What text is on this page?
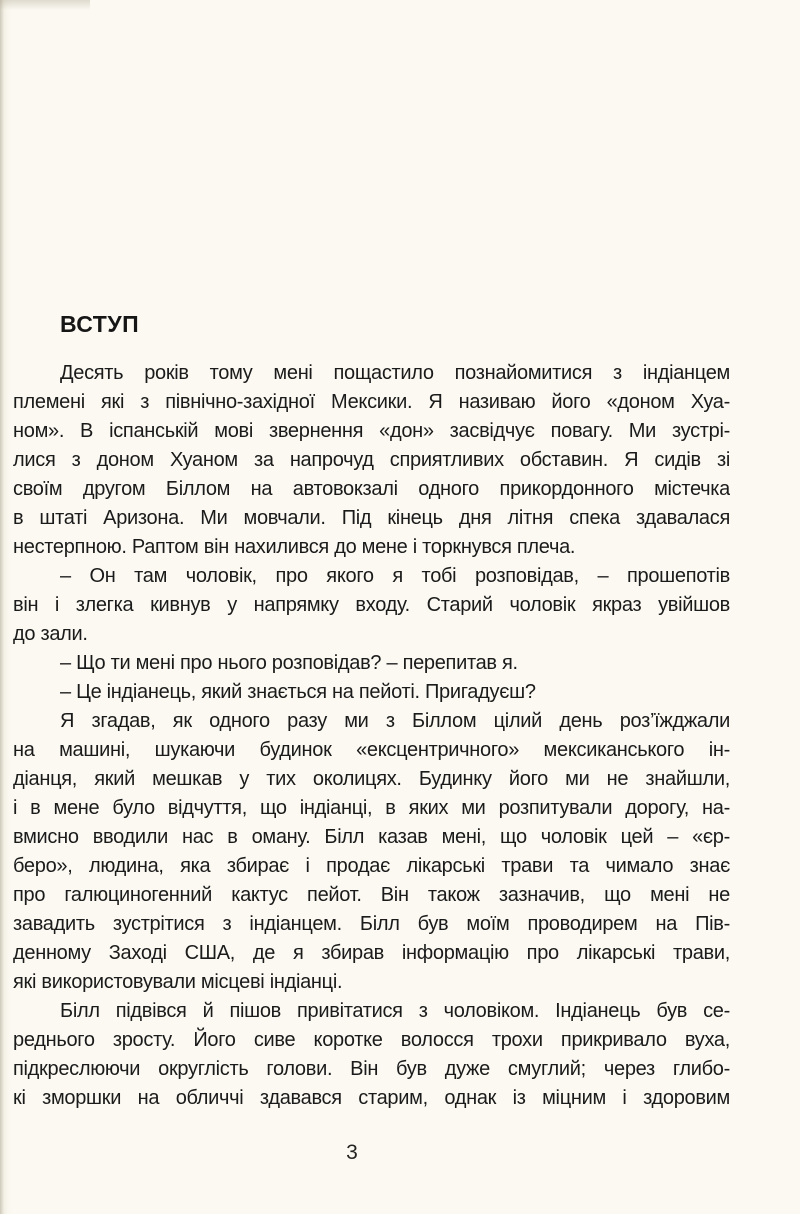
ВСТУП
Десять років тому мені пощастило познайомитися з індіанцем
племені які з північно-західної Мексики. Я називаю його «доном Хуа-
ном». В іспанській мові звернення «дон» засвідчує повагу. Ми зустрі-
лися з доном Хуаном за напрочуд сприятливих обставин. Я сидів зі
своїм другом Біллом на автовокзалі одного прикордонного містечка
в штаті Аризона. Ми мовчали. Під кінець дня літня спека здавалася
нестерпною. Раптом він нахилився до мене і торкнувся плеча.
– Он там чоловік, про якого я тобі розповідав, – прошепотів
він і злегка кивнув у напрямку входу. Старий чоловік якраз увійшов
до зали.
– Що ти мені про нього розповідав? – перепитав я.
– Це індіанець, який знається на пейоті. Пригадуєш?
Я згадав, як одного разу ми з Біллом цілий день роз’їжджали
на машині, шукаючи будинок «ексцентричного» мексиканського ін-
діанця, який мешкав у тих околицях. Будинку його ми не знайшли,
і в мене було відчуття, що індіанці, в яких ми розпитували дорогу, на-
вмисно вводили нас в оману. Білл казав мені, що чоловік цей – «єр-
беро», людина, яка збирає і продає лікарські трави та чимало знає
про галюциногенний кактус пейот. Він також зазначив, що мені не
завадить зустрітися з індіанцем. Білл був моїм проводирем на Пів-
денному Заході США, де я збирав інформацію про лікарські трави,
які використовували місцеві індіанці.
Білл підвівся й пішов привітатися з чоловіком. Індіанець був се-
реднього зросту. Його сиве коротке волосся трохи прикривало вуха,
підкреслюючи округлість голови. Він був дуже смуглий; через глибо-
кі зморшки на обличчі здавався старим, однак із міцним і здоровим
3
